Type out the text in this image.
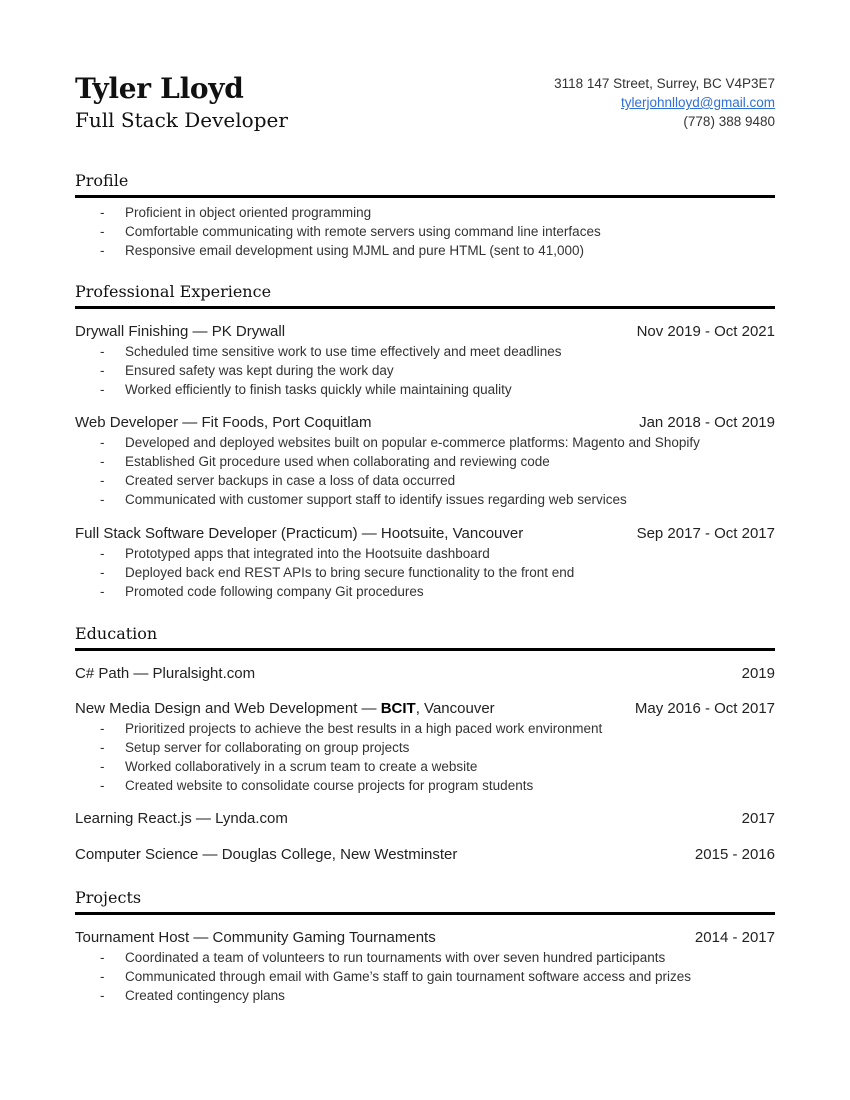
Tyler Lloyd
Full Stack Developer
3118 147 Street, Surrey, BC V4P3E7
tylerjohnlloyd@gmail.com
(778) 388 9480
Profile
- Proficient in object oriented programming
- Comfortable communicating with remote servers using command line interfaces
- Responsive email development using MJML and pure HTML (sent to 41,000)
Professional Experience
Drywall Finishing — PK Drywall	Nov 2019 - Oct 2021
- Scheduled time sensitive work to use time effectively and meet deadlines
- Ensured safety was kept during the work day
- Worked efficiently to finish tasks quickly while maintaining quality
Web Developer — Fit Foods, Port Coquitlam	Jan 2018 - Oct 2019
- Developed and deployed websites built on popular e-commerce platforms: Magento and Shopify
- Established Git procedure used when collaborating and reviewing code
- Created server backups in case a loss of data occurred
- Communicated with customer support staff to identify issues regarding web services
Full Stack Software Developer (Practicum) — Hootsuite, Vancouver	Sep 2017 - Oct 2017
- Prototyped apps that integrated into the Hootsuite dashboard
- Deployed back end REST APIs to bring secure functionality to the front end
- Promoted code following company Git procedures
Education
C# Path — Pluralsight.com	2019
New Media Design and Web Development — BCIT, Vancouver	May 2016 - Oct 2017
- Prioritized projects to achieve the best results in a high paced work environment
- Setup server for collaborating on group projects
- Worked collaboratively in a scrum team to create a website
- Created website to consolidate course projects for program students
Learning React.js — Lynda.com	2017
Computer Science — Douglas College, New Westminster	2015 - 2016
Projects
Tournament Host — Community Gaming Tournaments	2014 - 2017
- Coordinated a team of volunteers to run tournaments with over seven hundred participants
- Communicated through email with Game’s staff to gain tournament software access and prizes
- Created contingency plans
